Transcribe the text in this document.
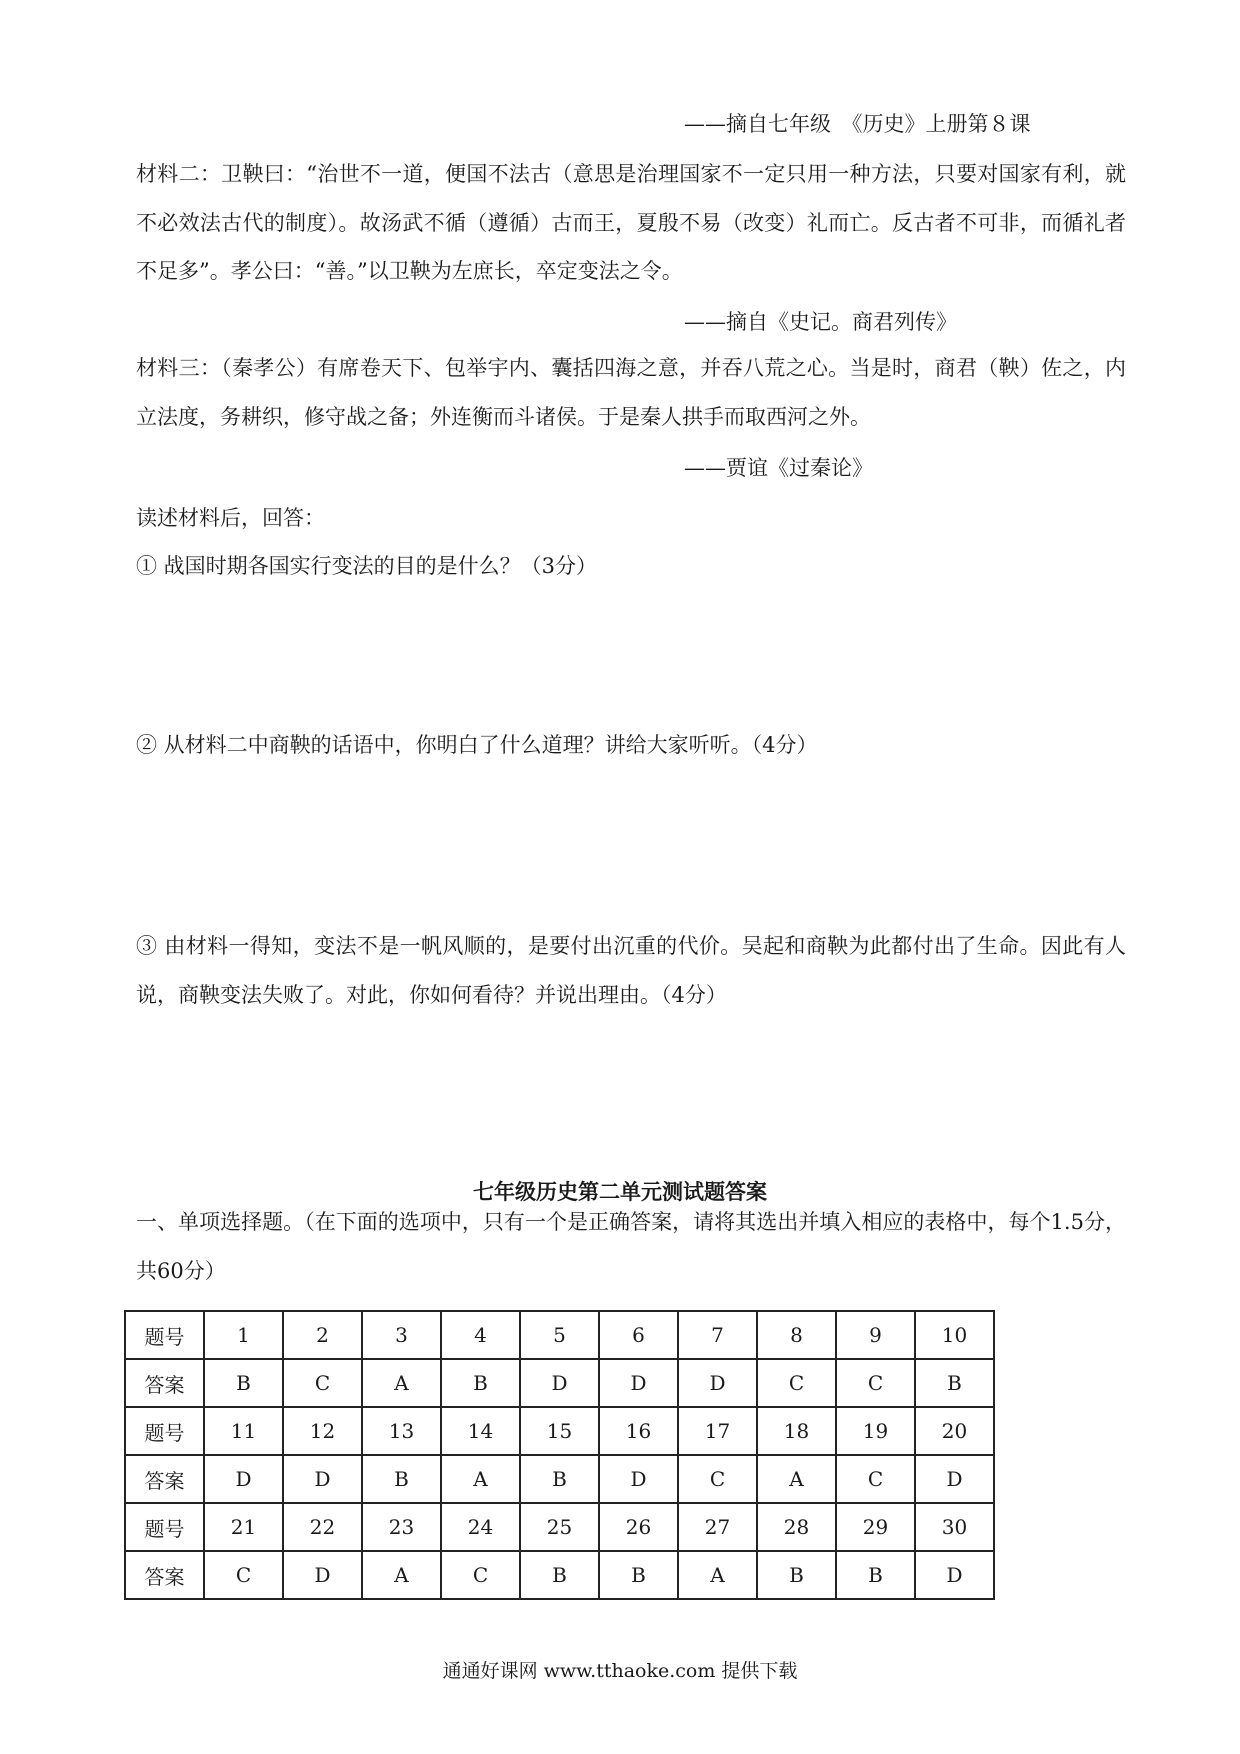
——摘自七年级　《历史》上册第８课
材料二：卫鞅曰：“治世不一道，便国不法古（意思是治理国家不一定只用一种方法，只要对国家有利，就不必效法古代的制度）。故汤武不循（遵循）古而王，夏殷不易（改变）礼而亡。反古者不可非，而循礼者不足多”。孝公曰：“善。”以卫鞅为左庶长，卒定变法之令。
——摘自《史记。商君列传》
材料三：（秦孝公）有席卷天下、包举宇内、囊括四海之意，并吞八荒之心。当是时，商君（鞅）佐之，内立法度，务耕织，修守战之备；外连衡而斗诸侯。于是秦人拱手而取西河之外。
——贾谊《过秦论》
读述材料后，回答：
① 战国时期各国实行变法的目的是什么？（3分）
② 从材料二中商鞅的话语中，你明白了什么道理？讲给大家听听。（4分）
③ 由材料一得知，变法不是一帆风顺的，是要付出沉重的代价。吴起和商鞅为此都付出了生命。因此有人说，商鞅变法失败了。对此，你如何看待？并说出理由。（4分）
七年级历史第二单元测试题答案
一、单项选择题。（在下面的选项中，只有一个是正确答案，请将其选出并填入相应的表格中，每个1.5分，共60分）
题号	1	2	3	4	5	6	7	8	9	10
答案	B	C	A	B	D	D	D	C	C	B
题号	11	12	13	14	15	16	17	18	19	20
答案	D	D	B	A	B	D	C	A	C	D
题号	21	22	23	24	25	26	27	28	29	30
答案	C	D	A	C	B	B	A	B	B	D
通通好课网 www.tthaoke.com 提供下载
